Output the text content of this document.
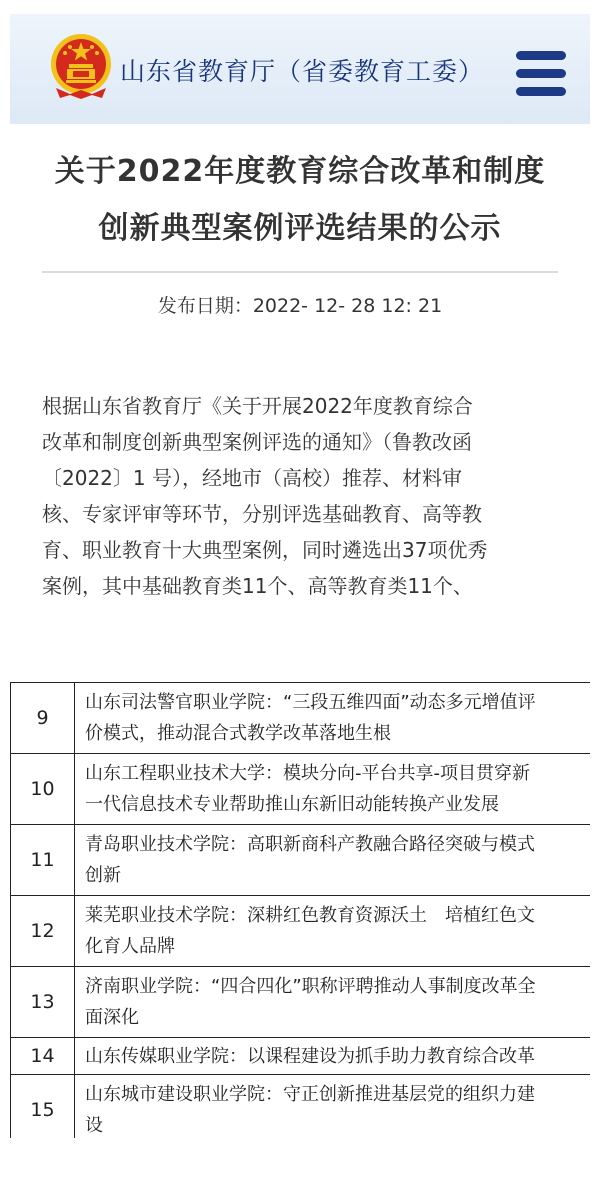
山东省教育厅（省委教育工委）
关于2022年度教育综合改革和制度
创新典型案例评选结果的公示
发布日期：2022- 12- 28 12: 21
根据山东省教育厅《关于开展2022年度教育综合
改革和制度创新典型案例评选的通知》（鲁教改函
〔2022〕1 号），经地市（高校）推荐、材料审
核、专家评审等环节，分别评选基础教育、高等教
育、职业教育十大典型案例，同时遴选出37项优秀
案例，其中基础教育类11个、高等教育类11个、
9	山东司法警官职业学院：“三段五维四面”动态多元增值评
价模式，推动混合式教学改革落地生根

10	山东工程职业技术大学：模块分向-平台共享-项目贯穿新
一代信息技术专业帮助推山东新旧动能转换产业发展

11	青岛职业技术学院：高职新商科产教融合路径突破与模式
创新

12	莱芜职业技术学院：深耕红色教育资源沃土　培植红色文
化育人品牌

13	济南职业学院：“四合四化”职称评聘推动人事制度改革全
面深化

14	山东传媒职业学院：以课程建设为抓手助力教育综合改革

15	山东城市建设职业学院：守正创新推进基层党的组织力建
设
